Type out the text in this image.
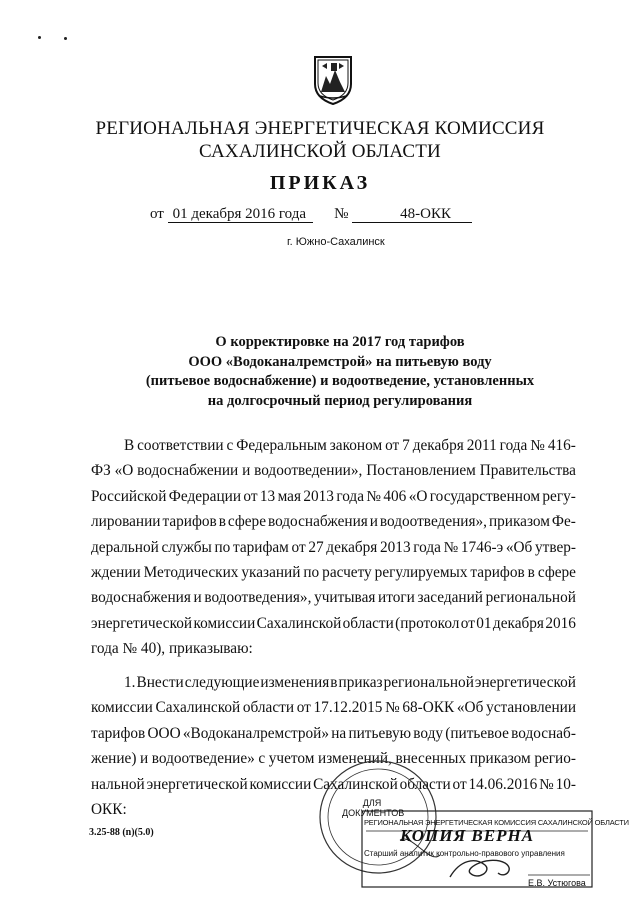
РЕГИОНАЛЬНАЯ ЭНЕРГЕТИЧЕСКАЯ КОМИССИЯ
САХАЛИНСКОЙ ОБЛАСТИ
ПРИКАЗ
от 01 декабря 2016 года №	48-ОКК
г. Южно-Сахалинск
О корректировке на 2017 год тарифов
ООО «Водоканалремстрой» на питьевую воду
(питьевое водоснабжение) и водоотведение, установленных
на долгосрочный период регулирования
В соответствии с Федеральным законом от 7 декабря 2011 года № 416-
ФЗ «О водоснабжении и водоотведении», Постановлением Правительства
Российской Федерации от 13 мая 2013 года № 406 «О государственном регу-
лировании тарифов в сфере водоснабжения и водоотведения», приказом Фе-
деральной службы по тарифам от 27 декабря 2013 года № 1746-э «Об утвер-
ждении Методических указаний по расчету регулируемых тарифов в сфере
водоснабжения и водоотведения», учитывая итоги заседаний региональной
энергетической комиссии Сахалинской области (протокол от 01 декабря 2016
года № 40), приказываю:
1. Внести следующие изменения в приказ региональной энергетической
комиссии Сахалинской области от 17.12.2015 № 68-ОКК «Об установлении
тарифов ООО «Водоканалремстрой» на питьевую воду (питьевое водоснаб-
жение) и водоотведение» с учетом изменений, внесенных приказом регио-
нальной энергетической комиссии Сахалинской области от 14.06.2016 № 10-
ОКК:
3.25-88 (n)(5.0)
ДЛЯ
ДОКУМЕНТОВ
РЕГИОНАЛЬНАЯ ЭНЕРГЕТИЧЕСКАЯ КОМИССИЯ САХАЛИНСКОЙ ОБЛАСТИ
КОПИЯ ВЕРНА
Старший аналитик контрольно-правового управления
Е.В. Устюгова
